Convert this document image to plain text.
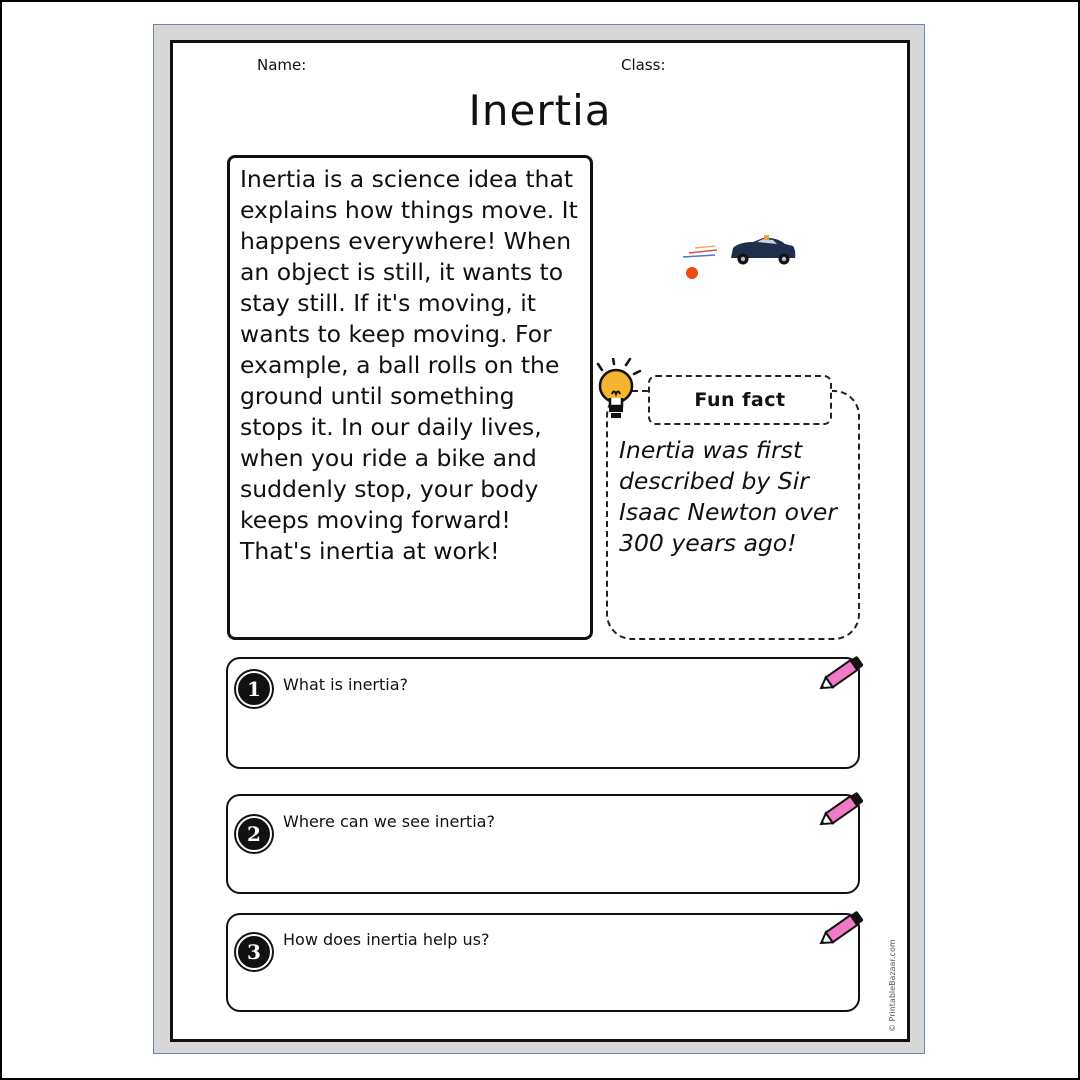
Name:	Class:
Inertia
Inertia is a science idea that explains how things move. It happens everywhere! When an object is still, it wants to stay still. If it's moving, it wants to keep moving. For example, a ball rolls on the ground until something stops it. In our daily lives, when you ride a bike and suddenly stop, your body keeps moving forward! That's inertia at work!
Fun fact
Inertia was first described by Sir Isaac Newton over 300 years ago!
1	What is inertia?
2
Where can we see inertia?
3
How does inertia help us?	© PrintableBazaar.com
